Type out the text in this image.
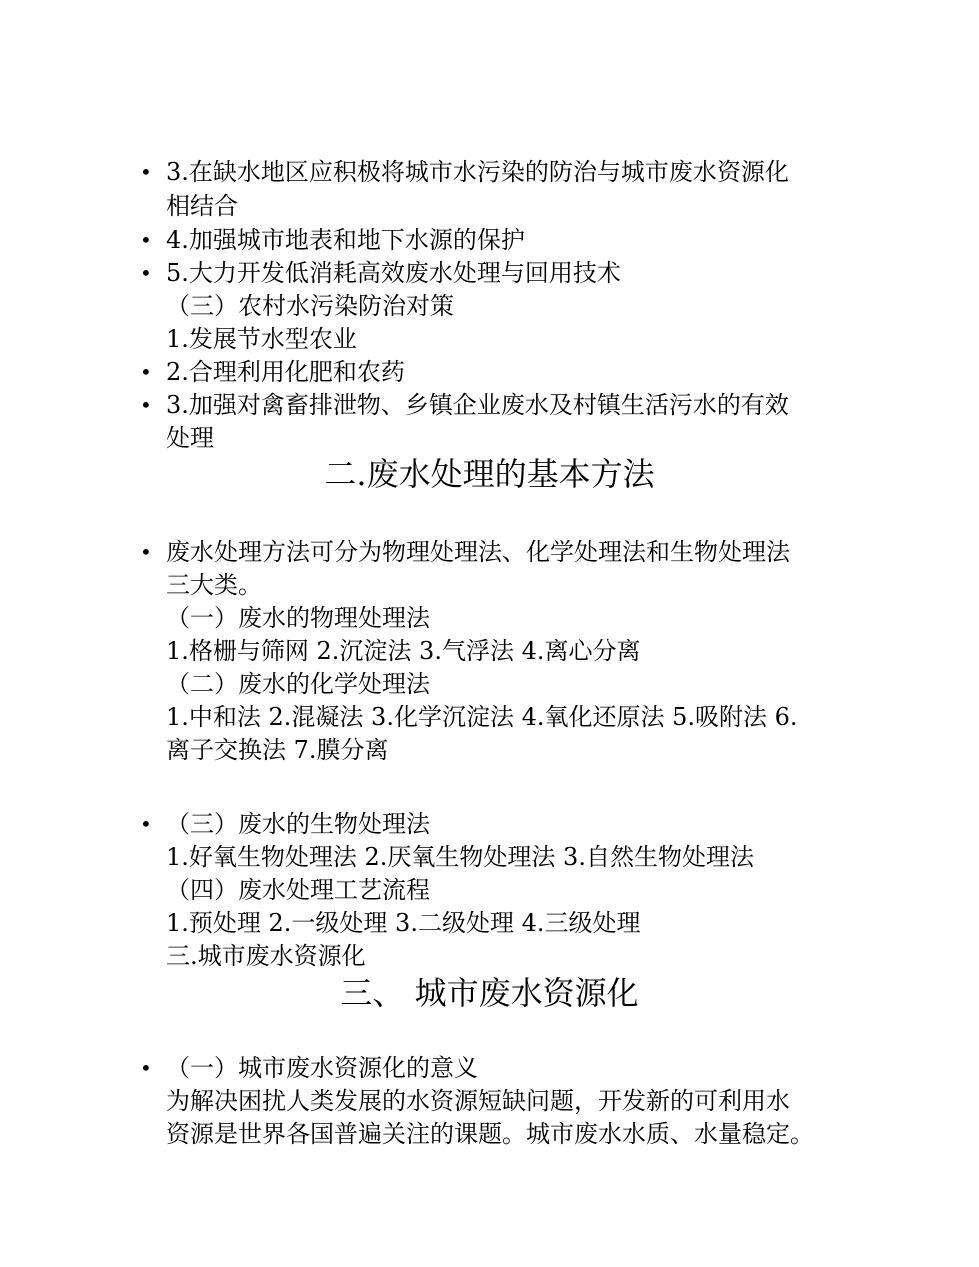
• 3.在缺水地区应积极将城市水污染的防治与城市废水资源化
相结合
• 4.加强城市地表和地下水源的保护
• 5.大力开发低消耗高效废水处理与回用技术
（三）农村水污染防治对策
1.发展节水型农业
• 2.合理利用化肥和农药
• 3.加强对禽畜排泄物、乡镇企业废水及村镇生活污水的有效
处理
二.废水处理的基本方法
• 废水处理方法可分为物理处理法、化学处理法和生物处理法
三大类。
（一）废水的物理处理法
1.格栅与筛网 2.沉淀法 3.气浮法 4.离心分离
（二）废水的化学处理法
1.中和法 2.混凝法 3.化学沉淀法 4.氧化还原法 5.吸附法 6.
离子交换法 7.膜分离
• （三）废水的生物处理法
1.好氧生物处理法 2.厌氧生物处理法 3.自然生物处理法
（四）废水处理工艺流程
1.预处理 2.一级处理 3.二级处理 4.三级处理
三.城市废水资源化
三、 城市废水资源化
• （一）城市废水资源化的意义
为解决困扰人类发展的水资源短缺问题，开发新的可利用水
资源是世界各国普遍关注的课题。城市废水水质、水量稳定。
